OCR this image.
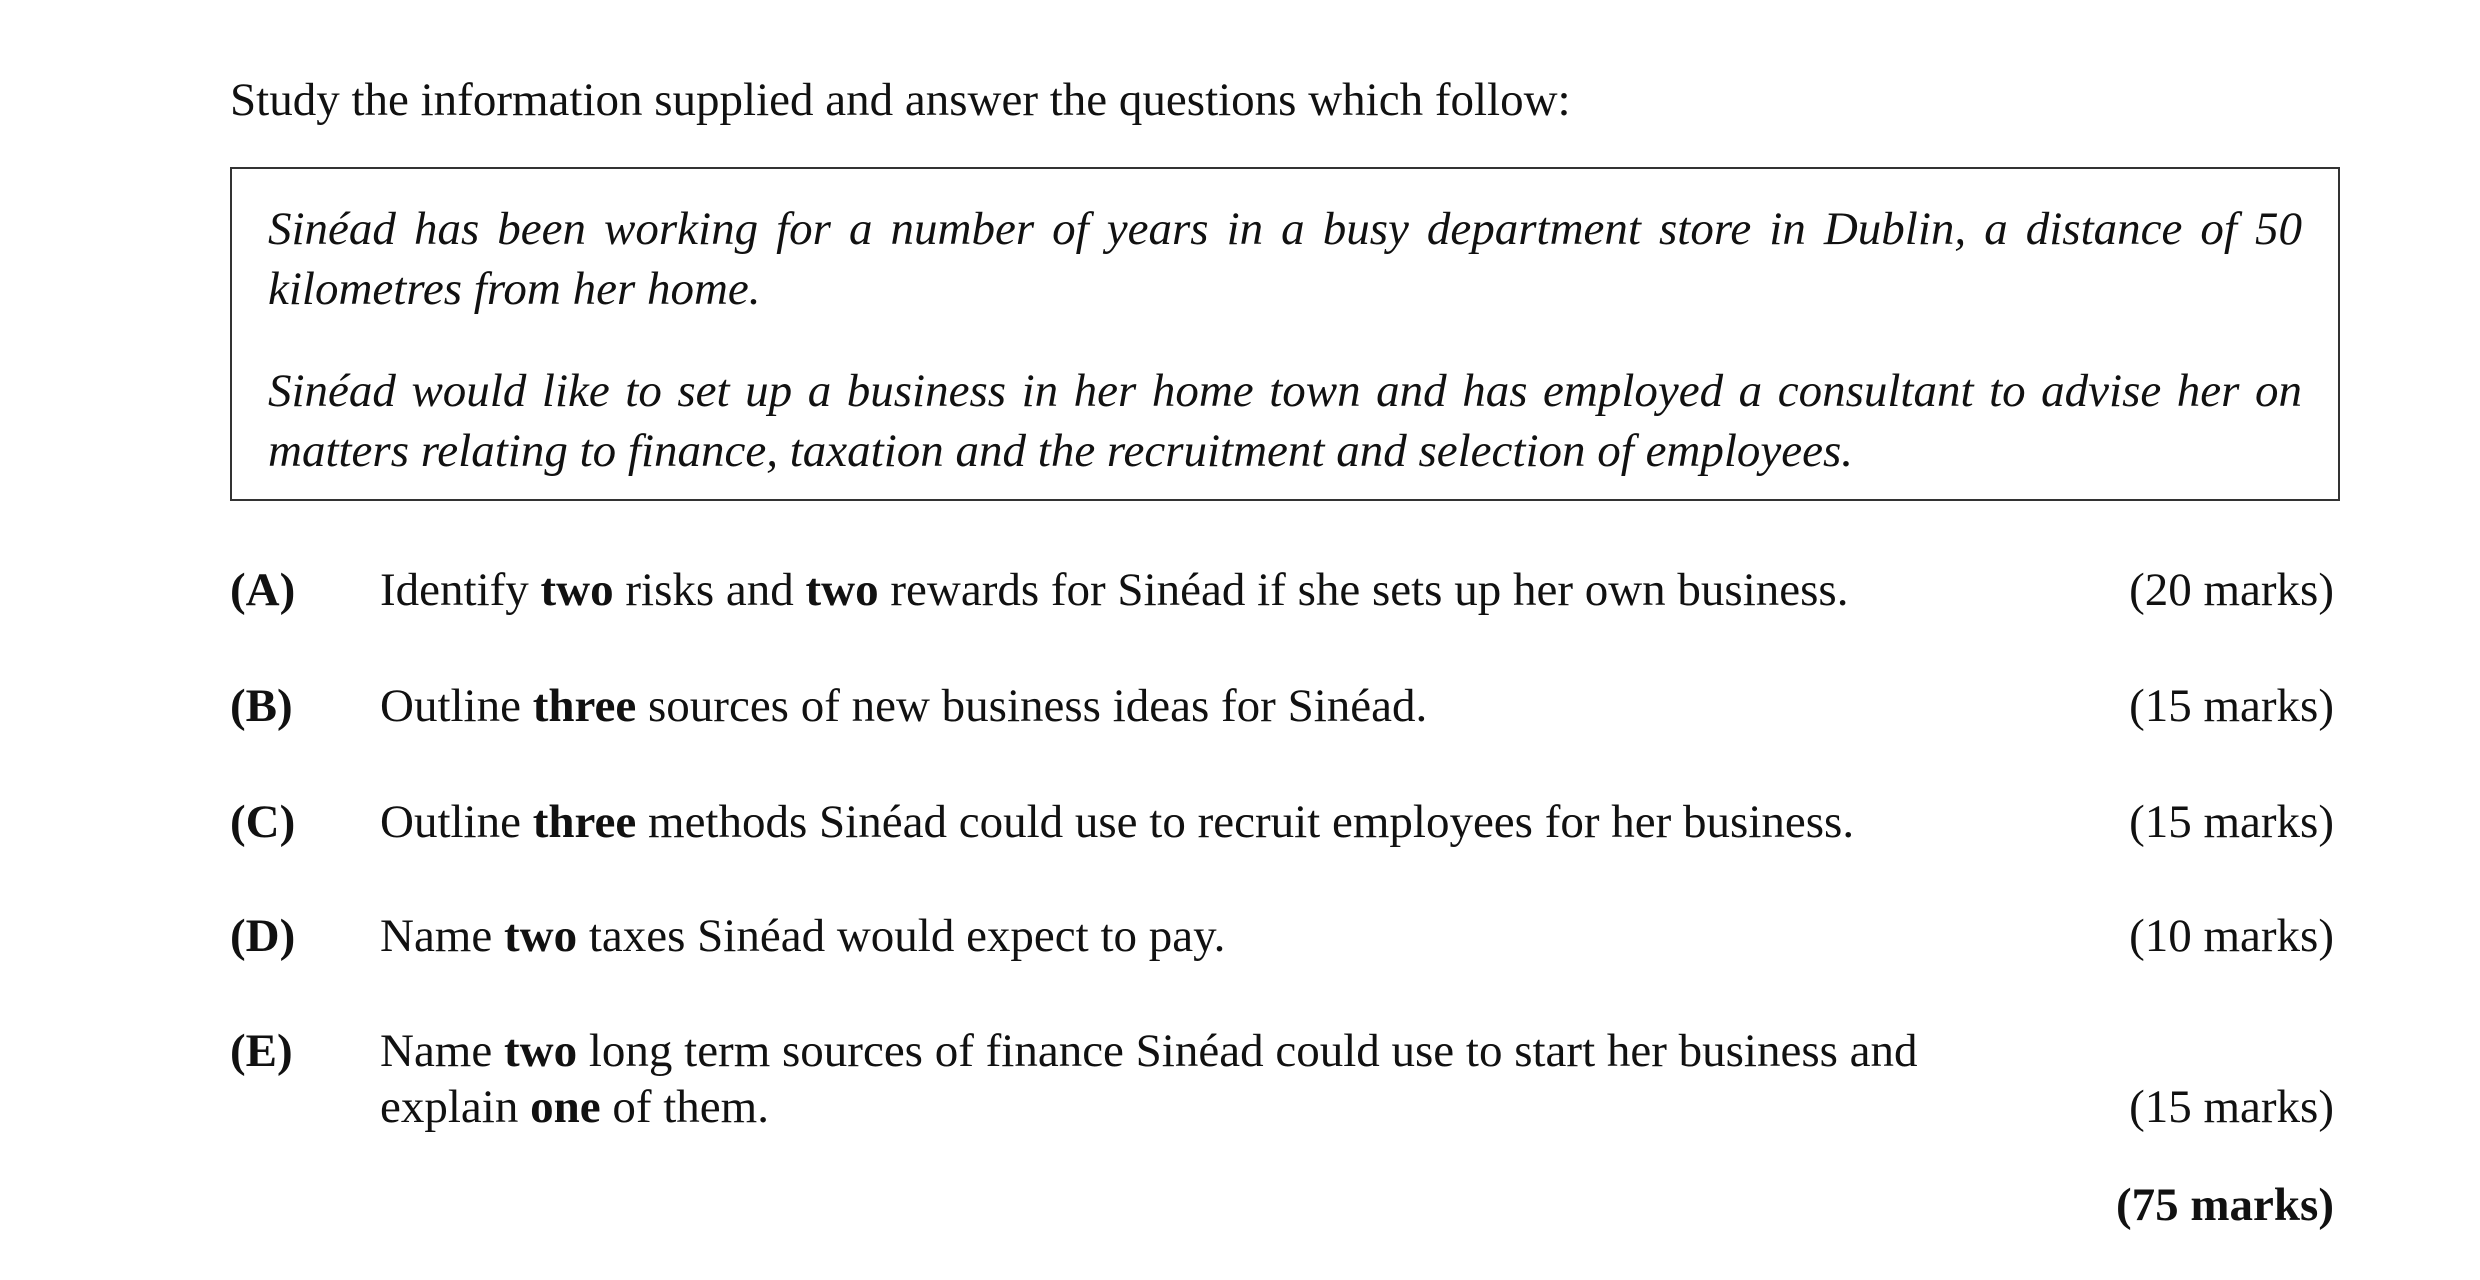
Study the information supplied and answer the questions which follow:

Sinéad has been working for a number of years in a busy department store in Dublin, a distance of 50 kilometres from her home.

Sinéad would like to set up a business in her home town and has employed a consultant to advise her on matters relating to finance, taxation and the recruitment and selection of employees.

(A) Identify two risks and two rewards for Sinéad if she sets up her own business.	(20 marks)
(B) Outline three sources of new business ideas for Sinéad.	(15 marks)
(C) Outline three methods Sinéad could use to recruit employees for her business.	(15 marks)
(D) Name two taxes Sinéad would expect to pay.	(10 marks)
(E) Name two long term sources of finance Sinéad could use to start her business and explain one of them.	(15 marks)
(75 marks)
